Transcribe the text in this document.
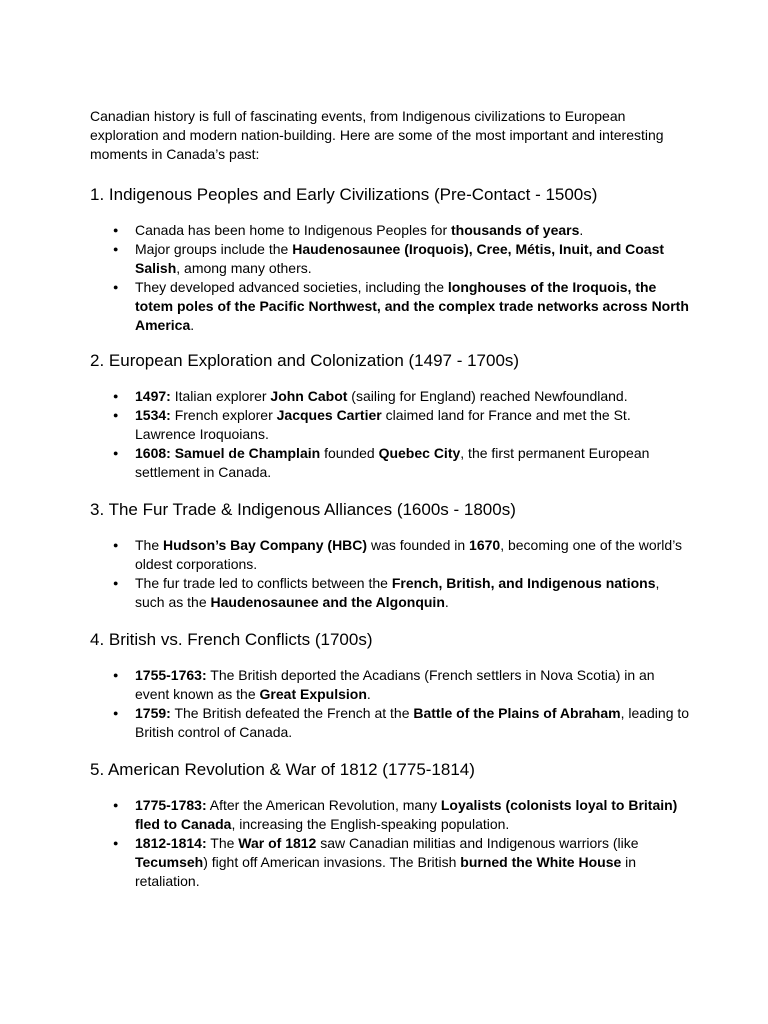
Canadian history is full of fascinating events, from Indigenous civilizations to European exploration and modern nation-building. Here are some of the most important and interesting moments in Canada’s past:

1. Indigenous Peoples and Early Civilizations (Pre-Contact - 1500s)
● Canada has been home to Indigenous Peoples for thousands of years.
● Major groups include the Haudenosaunee (Iroquois), Cree, Métis, Inuit, and Coast Salish, among many others.
● They developed advanced societies, including the longhouses of the Iroquois, the totem poles of the Pacific Northwest, and the complex trade networks across North America.
2. European Exploration and Colonization (1497 - 1700s)
● 1497: Italian explorer John Cabot (sailing for England) reached Newfoundland.
● 1534: French explorer Jacques Cartier claimed land for France and met the St. Lawrence Iroquoians.
● 1608: Samuel de Champlain founded Quebec City, the first permanent European settlement in Canada.
3. The Fur Trade & Indigenous Alliances (1600s - 1800s)
● The Hudson’s Bay Company (HBC) was founded in 1670, becoming one of the world’s oldest corporations.
● The fur trade led to conflicts between the French, British, and Indigenous nations, such as the Haudenosaunee and the Algonquin.
4. British vs. French Conflicts (1700s)
● 1755-1763: The British deported the Acadians (French settlers in Nova Scotia) in an event known as the Great Expulsion.
● 1759: The British defeated the French at the Battle of the Plains of Abraham, leading to British control of Canada.
5. American Revolution & War of 1812 (1775-1814)
● 1775-1783: After the American Revolution, many Loyalists (colonists loyal to Britain) fled to Canada, increasing the English-speaking population.
● 1812-1814: The War of 1812 saw Canadian militias and Indigenous warriors (like Tecumseh) fight off American invasions. The British burned the White House in retaliation.
